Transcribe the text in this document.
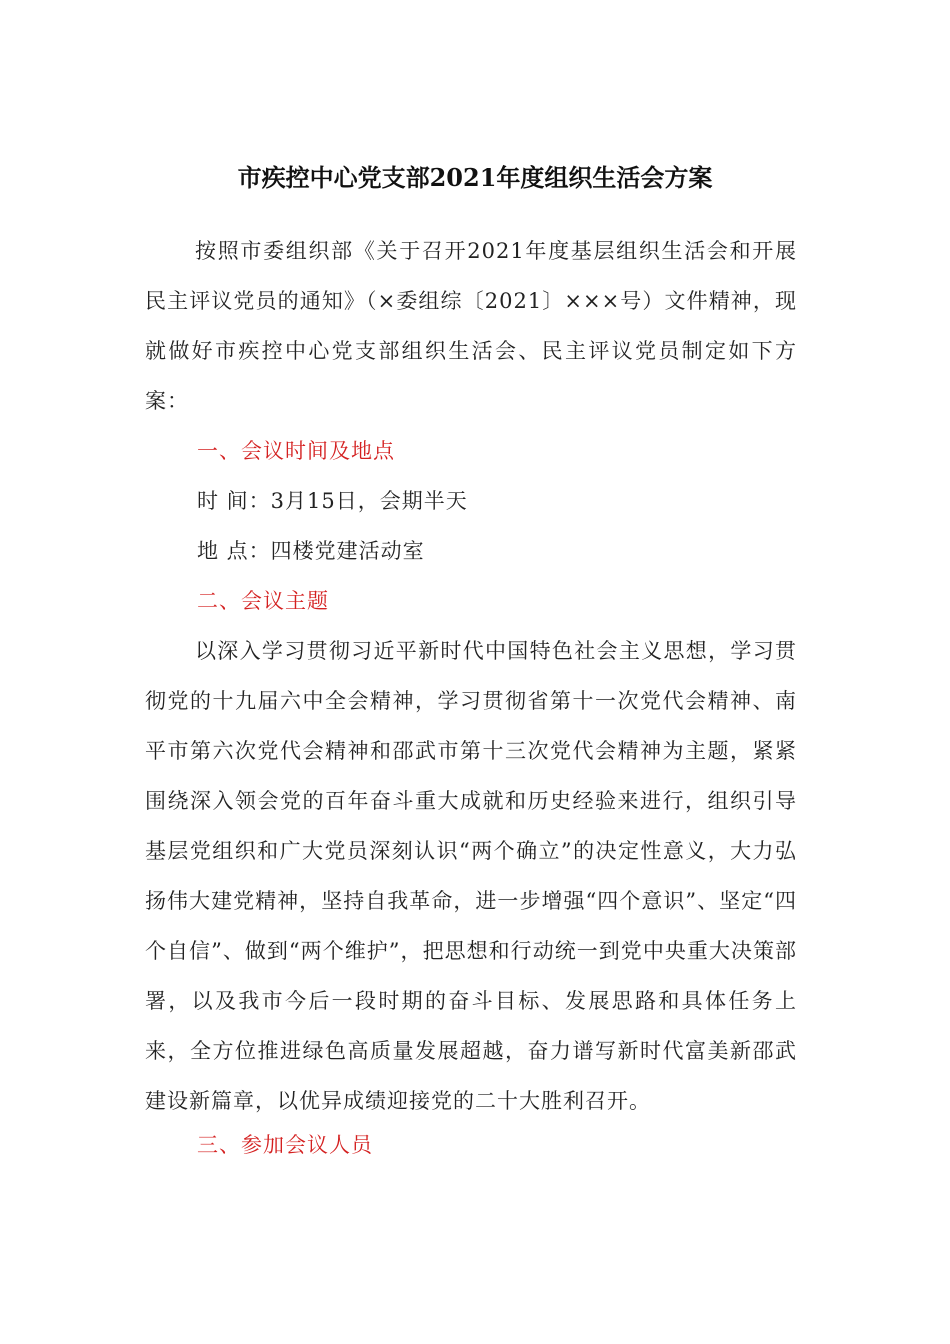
市疾控中心党支部2021年度组织生活会方案

按照市委组织部《关于召开2021年度基层组织生活会和开展民主评议党员的通知》（×委组综〔2021〕×××号）文件精神，现就做好市疾控中心党支部组织生活会、民主评议党员制定如下方案：

一、会议时间及地点

时 间：3月15日，会期半天

地 点：四楼党建活动室

二、会议主题

以深入学习贯彻习近平新时代中国特色社会主义思想，学习贯彻党的十九届六中全会精神，学习贯彻省第十一次党代会精神、南平市第六次党代会精神和邵武市第十三次党代会精神为主题，紧紧围绕深入领会党的百年奋斗重大成就和历史经验来进行，组织引导基层党组织和广大党员深刻认识“两个确立”的决定性意义，大力弘扬伟大建党精神，坚持自我革命，进一步增强“四个意识”、坚定“四个自信”、做到“两个维护”，把思想和行动统一到党中央重大决策部署，以及我市今后一段时期的奋斗目标、发展思路和具体任务上来，全方位推进绿色高质量发展超越，奋力谱写新时代富美新邵武建设新篇章，以优异成绩迎接党的二十大胜利召开。

三、参加会议人员
